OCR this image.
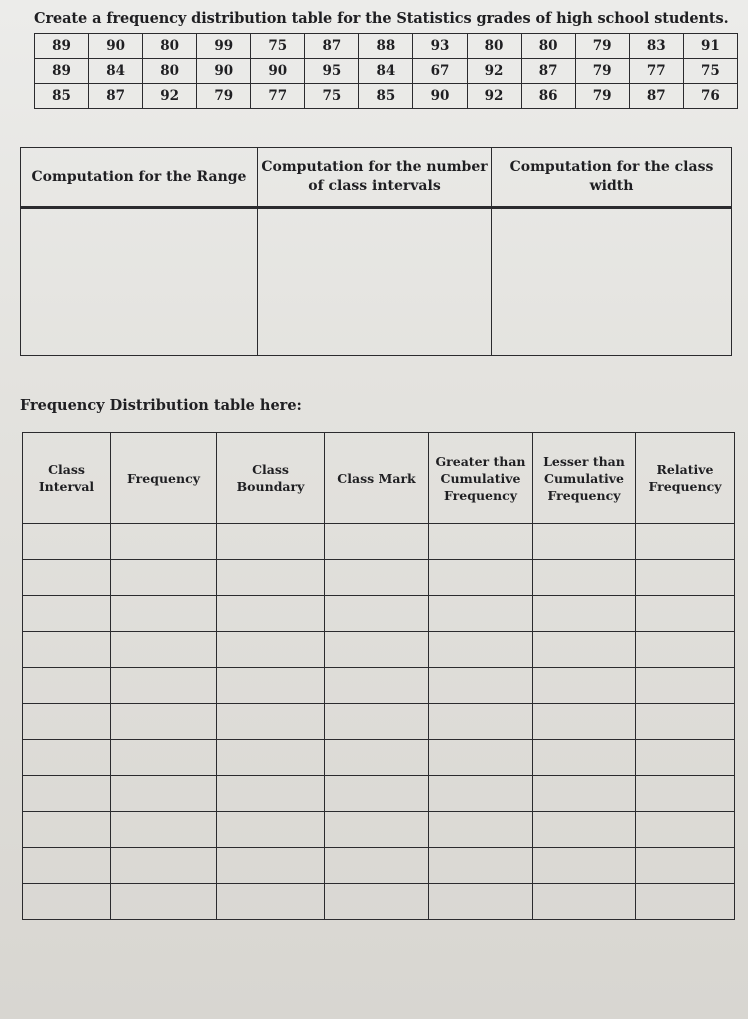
Create a frequency distribution table for the Statistics grades of high school students.
89	90	80	99	75	87	88	93	80	80	79	83	91
89	84	80	90	90	95	84	67	92	87	79	77	75
85	87	92	79	77	75	85	90	92	86	79	87	76
Computation for the Range	Computation for the number of class intervals	Computation for the class width

Frequency Distribution table here:
Class Interval	Frequency	Class Boundary	Class Mark	Greater than Cumulative Frequency	Lesser than Cumulative Frequency	Relative Frequency
